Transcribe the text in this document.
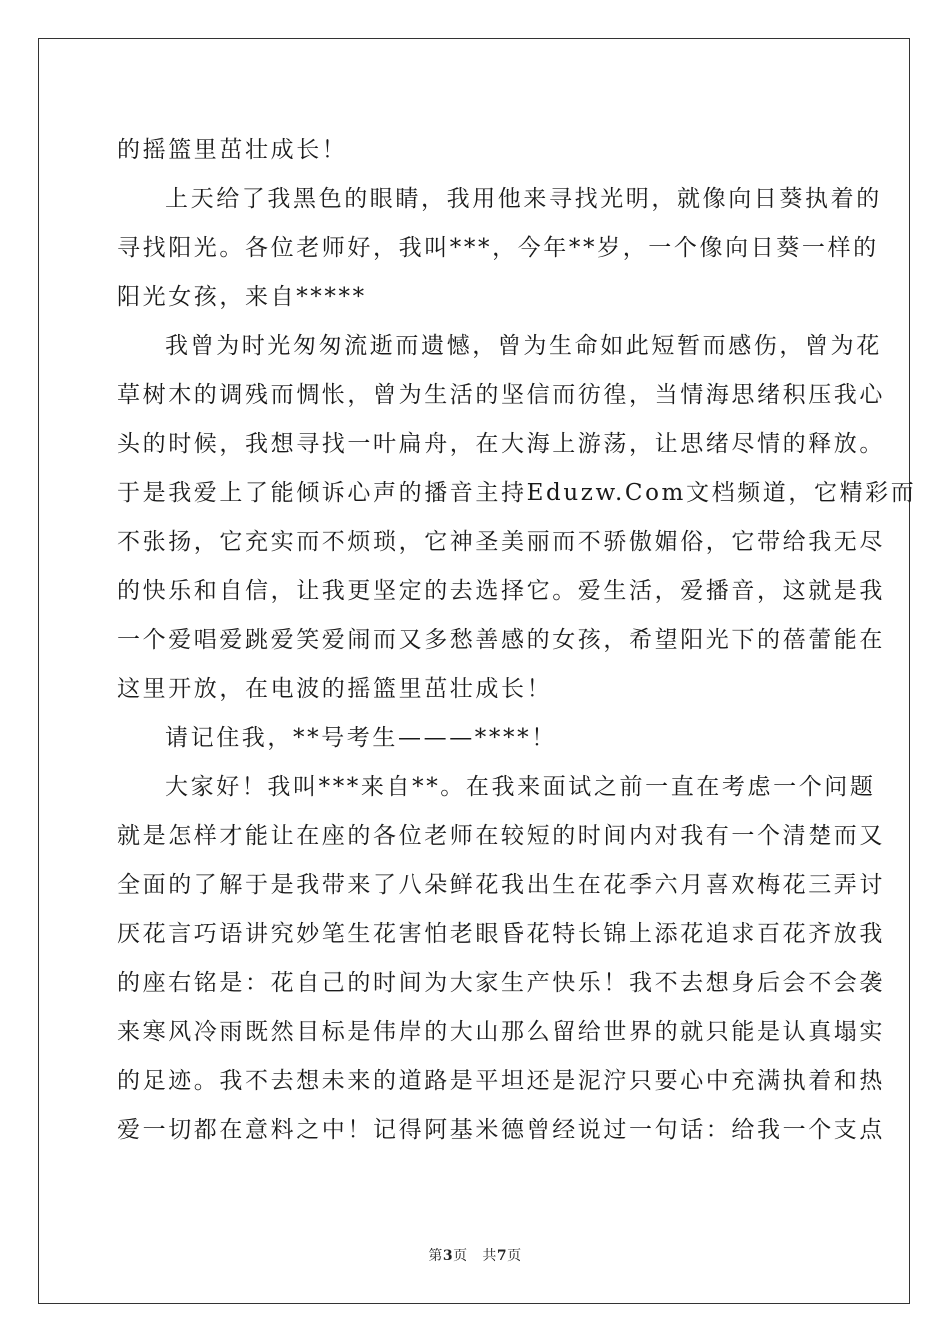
的摇篮里茁壮成长！
上天给了我黑色的眼睛，我用他来寻找光明，就像向日葵执着的
寻找阳光。各位老师好，我叫***，今年**岁，一个像向日葵一样的
阳光女孩，来自*****
我曾为时光匆匆流逝而遗憾，曾为生命如此短暂而感伤，曾为花
草树木的调残而惆怅，曾为生活的坚信而彷徨，当情海思绪积压我心
头的时候，我想寻找一叶扁舟，在大海上游荡，让思绪尽情的释放。
于是我爱上了能倾诉心声的播音主持Eduzw.Com文档频道，它精彩而
不张扬，它充实而不烦琐，它神圣美丽而不骄傲媚俗，它带给我无尽
的快乐和自信，让我更坚定的去选择它。爱生活，爱播音，这就是我
一个爱唱爱跳爱笑爱闹而又多愁善感的女孩，希望阳光下的蓓蕾能在
这里开放，在电波的摇篮里茁壮成长！
请记住我，**号考生———****！
大家好！我叫***来自**。在我来面试之前一直在考虑一个问题
就是怎样才能让在座的各位老师在较短的时间内对我有一个清楚而又
全面的了解于是我带来了八朵鲜花我出生在花季六月喜欢梅花三弄讨
厌花言巧语讲究妙笔生花害怕老眼昏花特长锦上添花追求百花齐放我
的座右铭是：花自己的时间为大家生产快乐！我不去想身后会不会袭
来寒风冷雨既然目标是伟岸的大山那么留给世界的就只能是认真塌实
的足迹。我不去想未来的道路是平坦还是泥泞只要心中充满执着和热
爱一切都在意料之中！记得阿基米德曾经说过一句话：给我一个支点
第3页 共7页
